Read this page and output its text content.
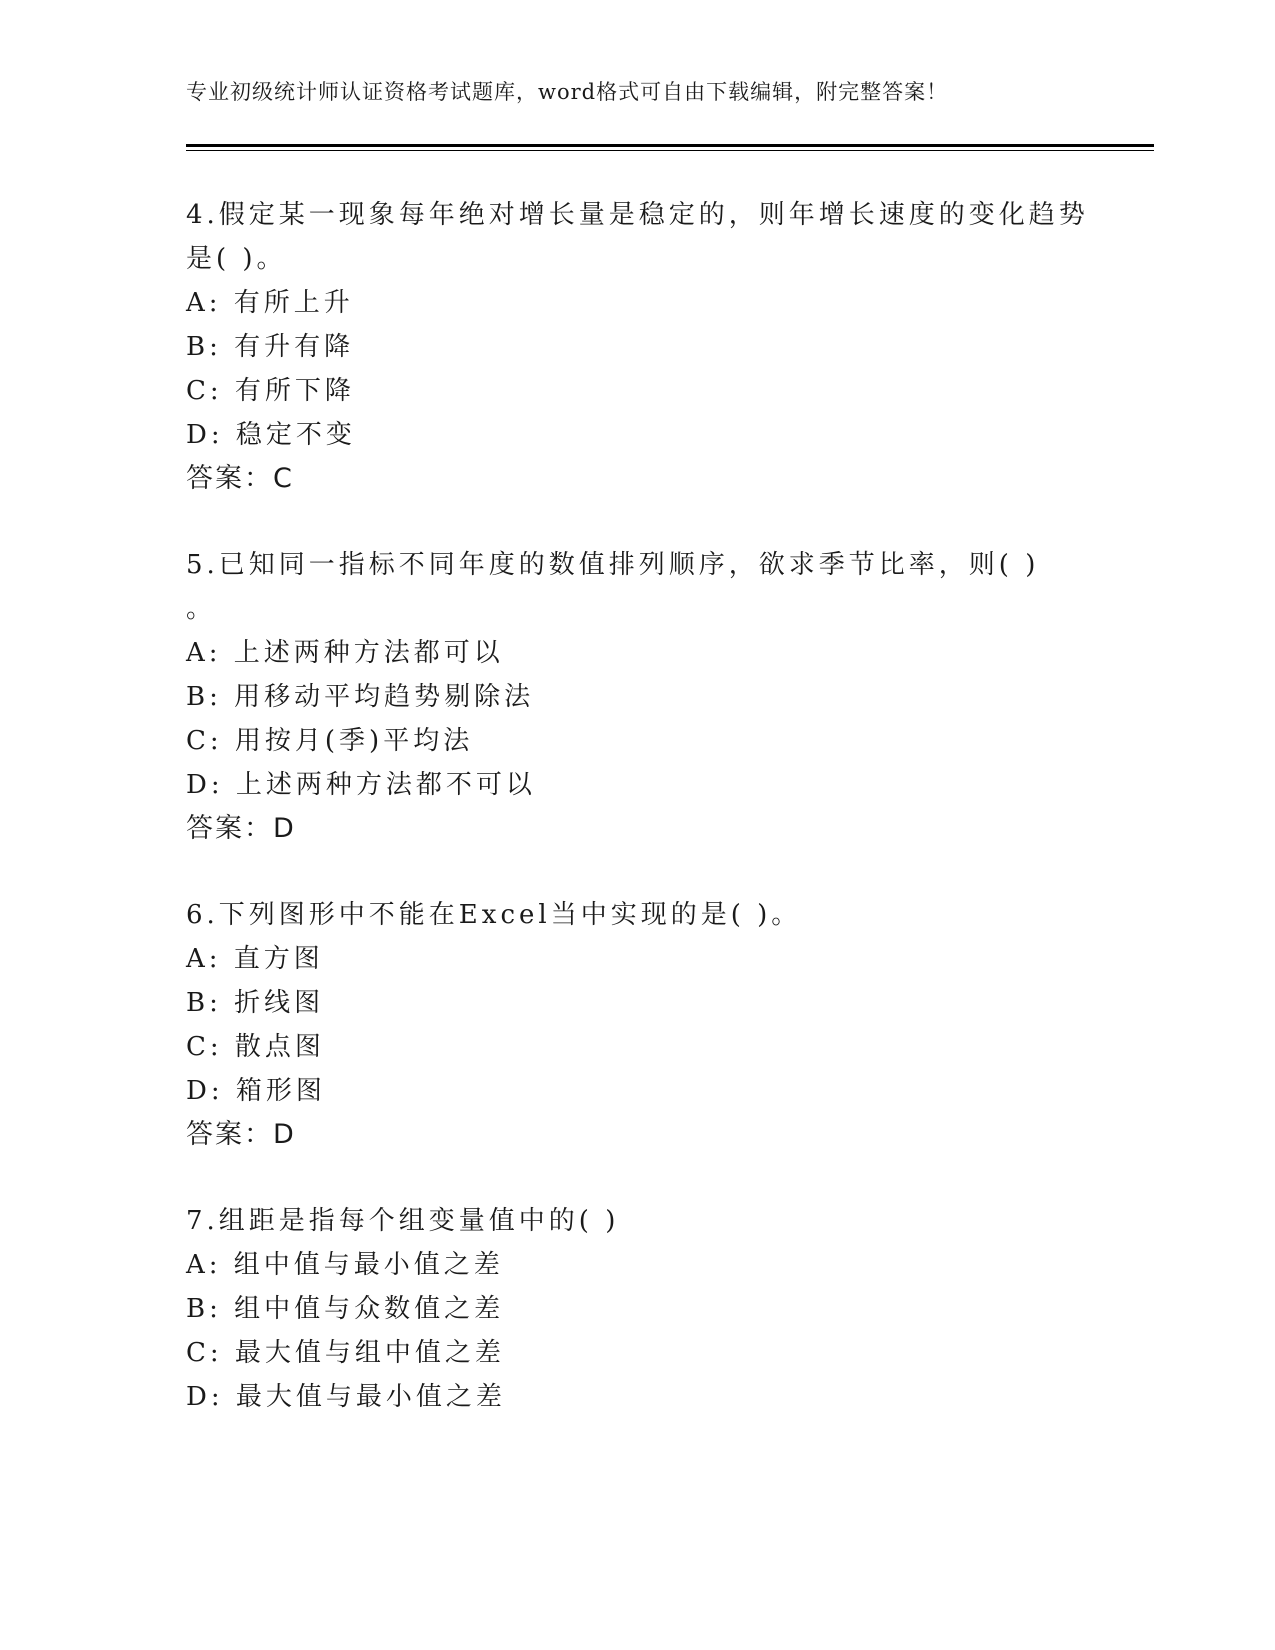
专业初级统计师认证资格考试题库，word格式可自由下载编辑，附完整答案！
4.假定某一现象每年绝对增长量是稳定的，则年增长速度的变化趋势
是( )。
A: 有所上升
B: 有升有降
C: 有所下降
D: 稳定不变
答案：C
5.已知同一指标不同年度的数值排列顺序，欲求季节比率，则( )
。
A: 上述两种方法都可以
B: 用移动平均趋势剔除法
C: 用按月(季)平均法
D: 上述两种方法都不可以
答案：D
6.下列图形中不能在Excel当中实现的是( )。
A: 直方图
B: 折线图
C: 散点图
D: 箱形图
答案：D
7.组距是指每个组变量值中的( )
A: 组中值与最小值之差
B: 组中值与众数值之差
C: 最大值与组中值之差
D: 最大值与最小值之差
